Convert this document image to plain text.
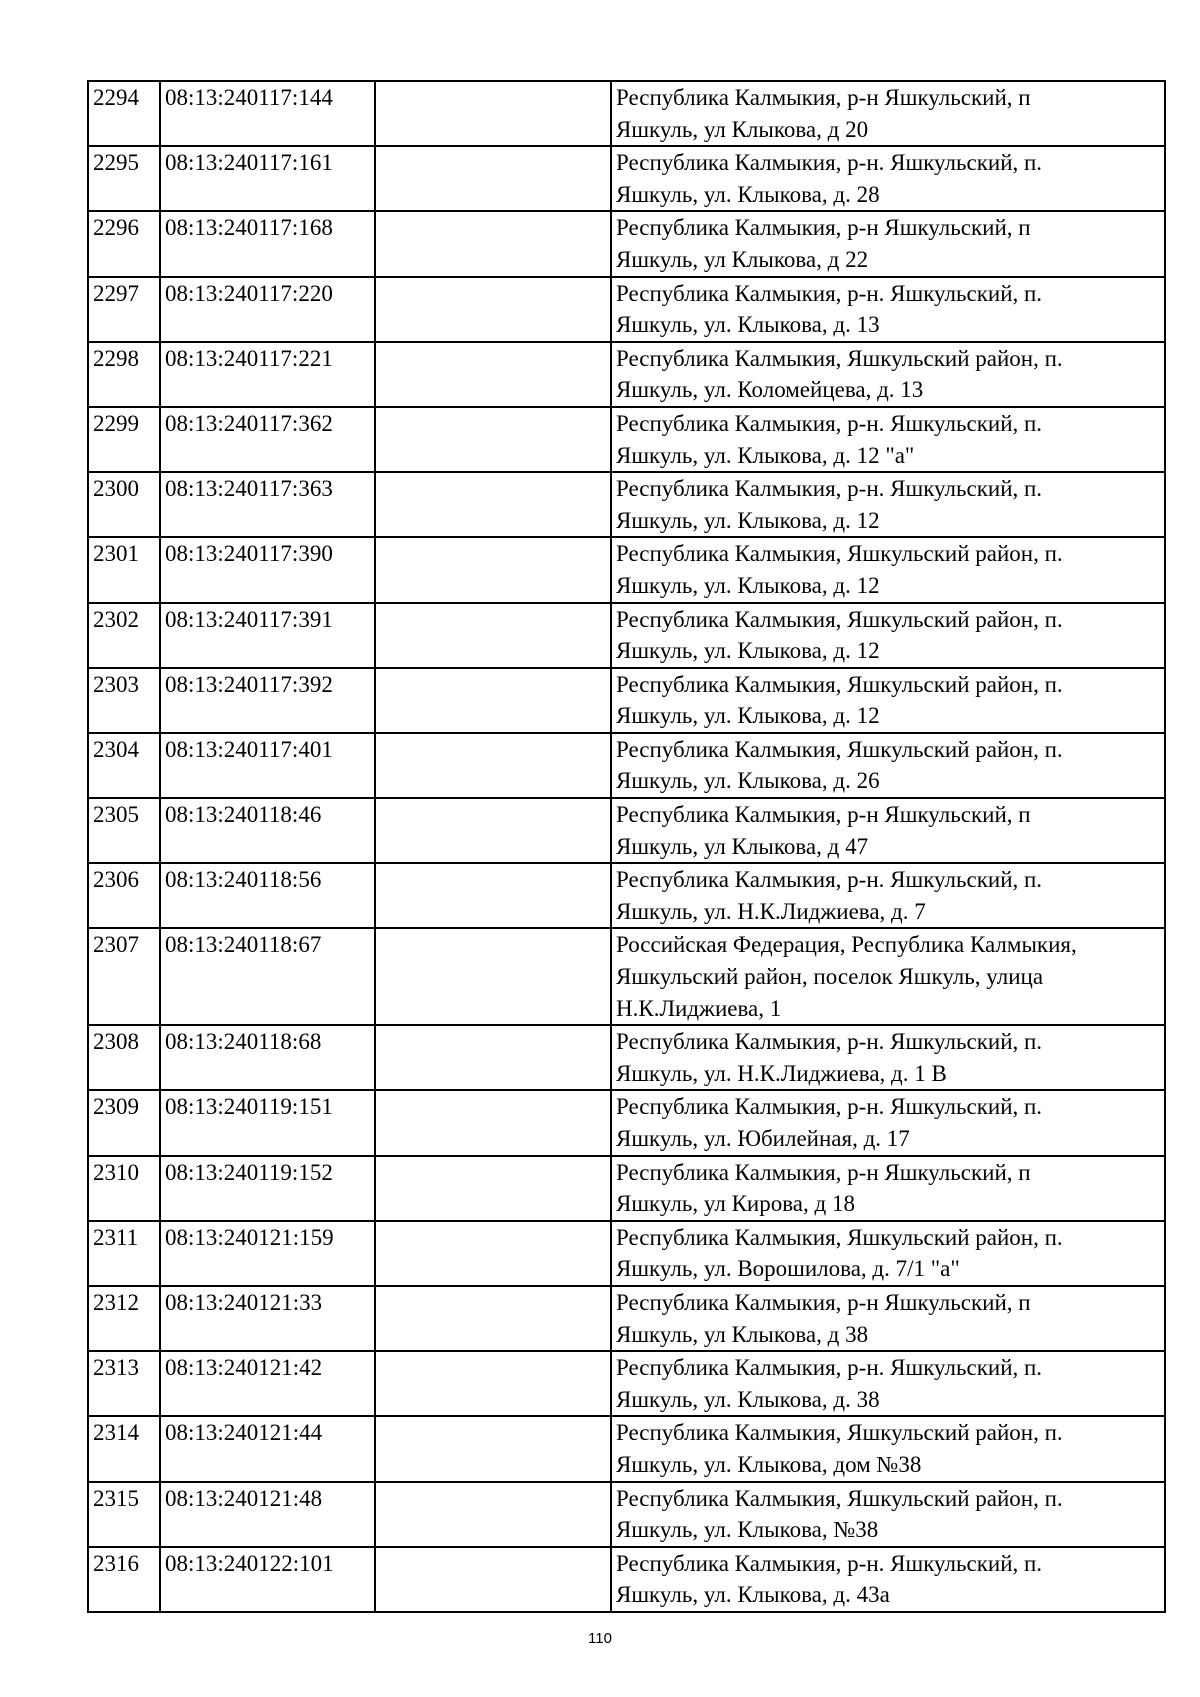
2294	08:13:240117:144		Республика Калмыкия, р-н Яшкульский, п
Яшкуль, ул Клыкова, д 20
2295	08:13:240117:161		Республика Калмыкия, р-н. Яшкульский, п.
Яшкуль, ул. Клыкова, д. 28
2296	08:13:240117:168		Республика Калмыкия, р-н Яшкульский, п
Яшкуль, ул Клыкова, д 22
2297	08:13:240117:220		Республика Калмыкия, р-н. Яшкульский, п.
Яшкуль, ул. Клыкова, д. 13
2298	08:13:240117:221		Республика Калмыкия, Яшкульский район, п.
Яшкуль, ул. Коломейцева, д. 13
2299	08:13:240117:362		Республика Калмыкия, р-н. Яшкульский, п.
Яшкуль, ул. Клыкова, д. 12 "а"
2300	08:13:240117:363		Республика Калмыкия, р-н. Яшкульский, п.
Яшкуль, ул. Клыкова, д. 12
2301	08:13:240117:390		Республика Калмыкия, Яшкульский район, п.
Яшкуль, ул. Клыкова, д. 12
2302	08:13:240117:391		Республика Калмыкия, Яшкульский район, п.
Яшкуль, ул. Клыкова, д. 12
2303	08:13:240117:392		Республика Калмыкия, Яшкульский район, п.
Яшкуль, ул. Клыкова, д. 12
2304	08:13:240117:401		Республика Калмыкия, Яшкульский район, п.
Яшкуль, ул. Клыкова, д. 26
2305	08:13:240118:46		Республика Калмыкия, р-н Яшкульский, п
Яшкуль, ул Клыкова, д 47
2306	08:13:240118:56		Республика Калмыкия, р-н. Яшкульский, п.
Яшкуль, ул. Н.К.Лиджиева, д. 7
2307	08:13:240118:67		Российская Федерация, Республика Калмыкия,
Яшкульский район, поселок Яшкуль, улица
Н.К.Лиджиева, 1
2308	08:13:240118:68		Республика Калмыкия, р-н. Яшкульский, п.
Яшкуль, ул. Н.К.Лиджиева, д. 1 В
2309	08:13:240119:151		Республика Калмыкия, р-н. Яшкульский, п.
Яшкуль, ул. Юбилейная, д. 17
2310	08:13:240119:152		Республика Калмыкия, р-н Яшкульский, п
Яшкуль, ул Кирова, д 18
2311	08:13:240121:159		Республика Калмыкия, Яшкульский район, п.
Яшкуль, ул. Ворошилова, д. 7/1 "а"
2312	08:13:240121:33		Республика Калмыкия, р-н Яшкульский, п
Яшкуль, ул Клыкова, д 38
2313	08:13:240121:42		Республика Калмыкия, р-н. Яшкульский, п.
Яшкуль, ул. Клыкова, д. 38
2314	08:13:240121:44		Республика Калмыкия, Яшкульский район, п.
Яшкуль, ул. Клыкова, дом №38
2315	08:13:240121:48		Республика Калмыкия, Яшкульский район, п.
Яшкуль, ул. Клыкова, №38
2316	08:13:240122:101		Республика Калмыкия, р-н. Яшкульский, п.
Яшкуль, ул. Клыкова, д. 43а
110
